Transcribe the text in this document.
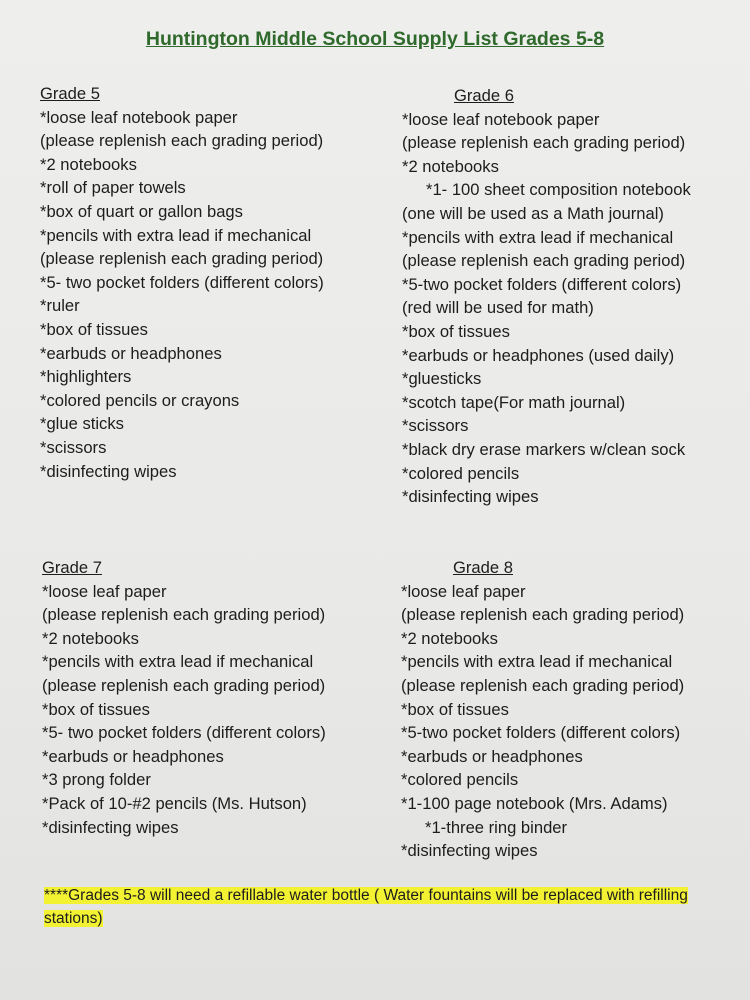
Huntington Middle School Supply List Grades 5-8
Grade 5
*loose leaf notebook paper
(please replenish each grading period)
*2 notebooks
*roll of paper towels
*box of quart or gallon bags
*pencils with extra lead if mechanical
(please replenish each grading period)
*5- two pocket folders (different colors)
*ruler
*box of tissues
*earbuds or headphones
*highlighters
*colored pencils or crayons
*glue sticks
*scissors
*disinfecting wipes
Grade 6
*loose leaf notebook paper
(please replenish each grading period)
*2 notebooks
*1- 100 sheet composition notebook
(one will be used as a Math journal)
*pencils with extra lead if mechanical
(please replenish each grading period)
*5-two pocket folders (different colors)
(red will be used for math)
*box of tissues
*earbuds or headphones (used daily)
*gluesticks
*scotch tape(For math journal)
*scissors
*black dry erase markers w/clean sock
*colored pencils
*disinfecting wipes
Grade 7
*loose leaf paper
(please replenish each grading period)
*2 notebooks
*pencils with extra lead if mechanical
(please replenish each grading period)
*box of tissues
*5- two pocket folders (different colors)
*earbuds or headphones
*3 prong folder
*Pack of 10-#2 pencils (Ms. Hutson)
*disinfecting wipes
Grade 8
*loose leaf paper
(please replenish each grading period)
*2 notebooks
*pencils with extra lead if mechanical
(please replenish each grading period)
*box of tissues
*5-two pocket folders (different colors)
*earbuds or headphones
*colored pencils
*1-100 page notebook (Mrs. Adams)
*1-three ring binder
*disinfecting wipes
****Grades 5-8 will need a refillable water bottle ( Water fountains will be replaced with refilling stations)
